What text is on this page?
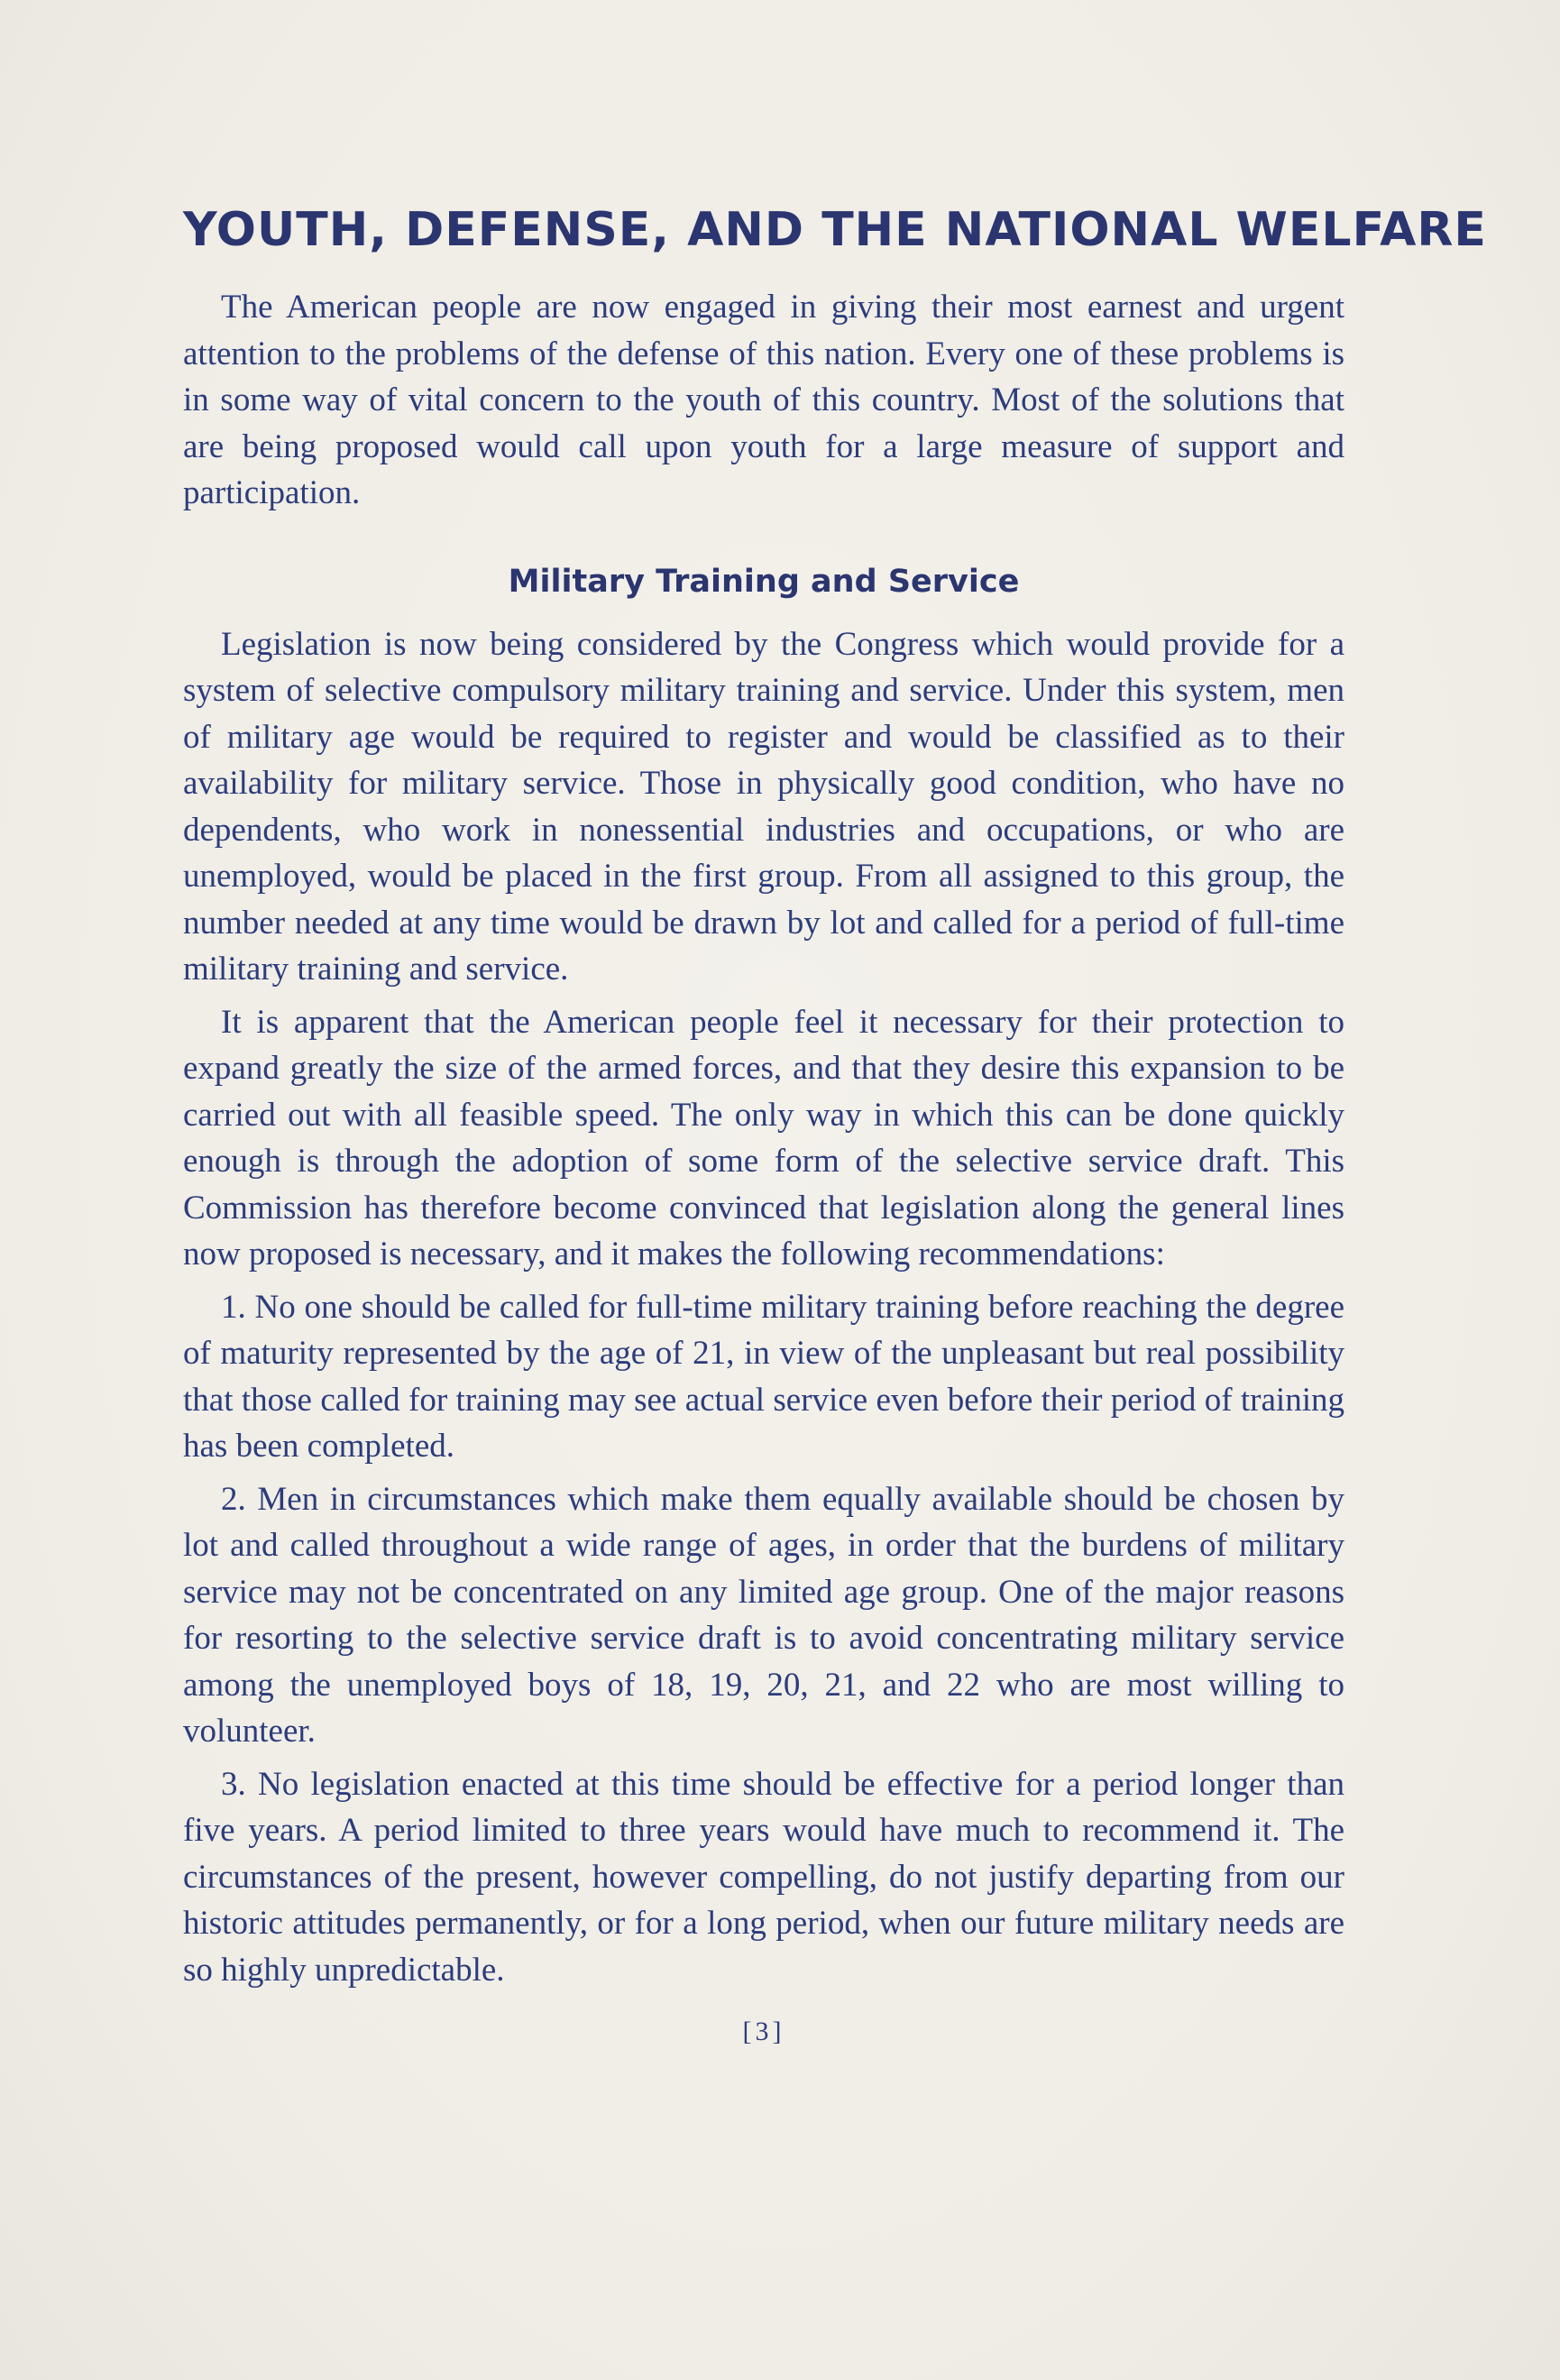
YOUTH, DEFENSE, AND THE NATIONAL WELFARE

The American people are now engaged in giving their most earnest and urgent attention to the problems of the defense of this nation. Every one of these problems is in some way of vital concern to the youth of this country. Most of the solutions that are being proposed would call upon youth for a large measure of support and participation.

Military Training and Service

Legislation is now being considered by the Congress which would provide for a system of selective compulsory military training and service. Under this system, men of military age would be required to register and would be classified as to their availability for military service. Those in physically good condition, who have no dependents, who work in nonessential industries and occupations, or who are unemployed, would be placed in the first group. From all assigned to this group, the number needed at any time would be drawn by lot and called for a period of full-time military training and service.

It is apparent that the American people feel it necessary for their protection to expand greatly the size of the armed forces, and that they desire this expansion to be carried out with all feasible speed. The only way in which this can be done quickly enough is through the adoption of some form of the selective service draft. This Commission has therefore become convinced that legislation along the general lines now proposed is necessary, and it makes the following recommendations:

1. No one should be called for full-time military training before reaching the degree of maturity represented by the age of 21, in view of the unpleasant but real possibility that those called for training may see actual service even before their period of training has been completed.

2. Men in circumstances which make them equally available should be chosen by lot and called throughout a wide range of ages, in order that the burdens of military service may not be concentrated on any limited age group. One of the major reasons for resorting to the selective service draft is to avoid concentrating military service among the unemployed boys of 18, 19, 20, 21, and 22 who are most willing to volunteer.

3. No legislation enacted at this time should be effective for a period longer than five years. A period limited to three years would have much to recommend it. The circumstances of the present, however compelling, do not justify departing from our historic attitudes permanently, or for a long period, when our future military needs are so highly unpredictable.

[3]
